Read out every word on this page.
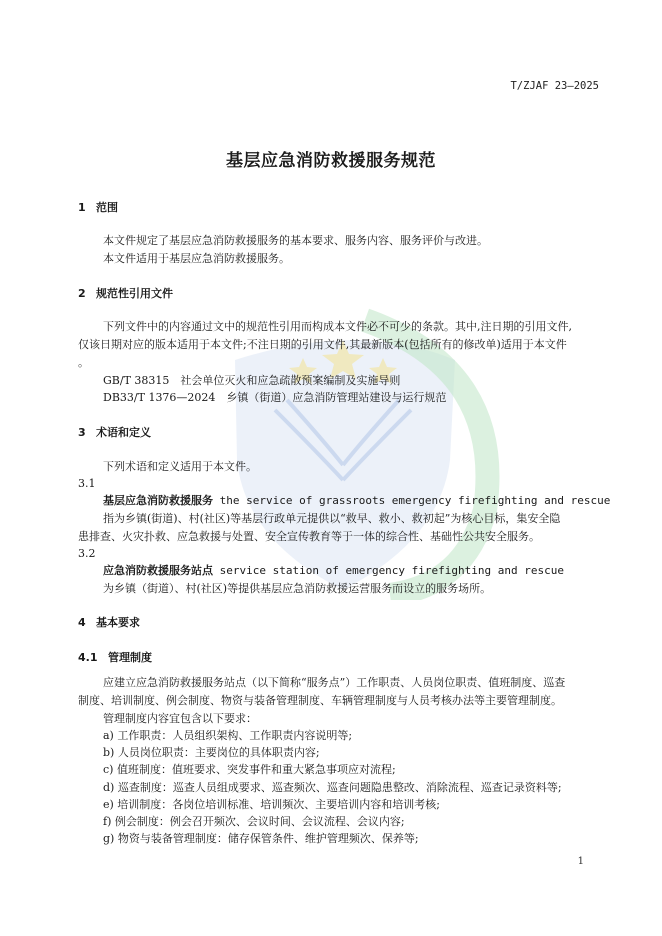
T/ZJAF 23—2025
基层应急消防救援服务规范
1 范围
本文件规定了基层应急消防救援服务的基本要求、服务内容、服务评价与改进。
本文件适用于基层应急消防救援服务。
2 规范性引用文件
下列文件中的内容通过文中的规范性引用而构成本文件必不可少的条款。其中,注日期的引用文件,
仅该日期对应的版本适用于本文件;不注日期的引用文件,其最新版本(包括所有的修改单)适用于本文件
。
GB/T 38315　社会单位灭火和应急疏散预案编制及实施导则
DB33/T 1376—2024　乡镇（街道）应急消防管理站建设与运行规范
3 术语和定义
下列术语和定义适用于本文件。
3.1
基层应急消防救援服务 the service of grassroots emergency firefighting and rescue
指为乡镇(街道)、村(社区)等基层行政单元提供以“救早、救小、救初起”为核心目标，集安全隐
患排查、火灾扑救、应急救援与处置、安全宣传教育等于一体的综合性、基础性公共安全服务。
3.2
应急消防救援服务站点 service station of emergency firefighting and rescue
为乡镇（街道）、村(社区)等提供基层应急消防救援运营服务而设立的服务场所。
4 基本要求
4.1 管理制度
应建立应急消防救援服务站点（以下简称“服务点”）工作职责、人员岗位职责、值班制度、巡查
制度、培训制度、例会制度、物资与装备管理制度、车辆管理制度与人员考核办法等主要管理制度。
管理制度内容宜包含以下要求：
a) 工作职责：人员组织架构、工作职责内容说明等;
b) 人员岗位职责：主要岗位的具体职责内容;
c) 值班制度：值班要求、突发事件和重大紧急事项应对流程;
d) 巡查制度：巡查人员组成要求、巡查频次、巡查问题隐患整改、消除流程、巡查记录资料等;
e) 培训制度：各岗位培训标准、培训频次、主要培训内容和培训考核;
f) 例会制度：例会召开频次、会议时间、会议流程、会议内容;
g) 物资与装备管理制度：储存保管条件、维护管理频次、保养等;
1
